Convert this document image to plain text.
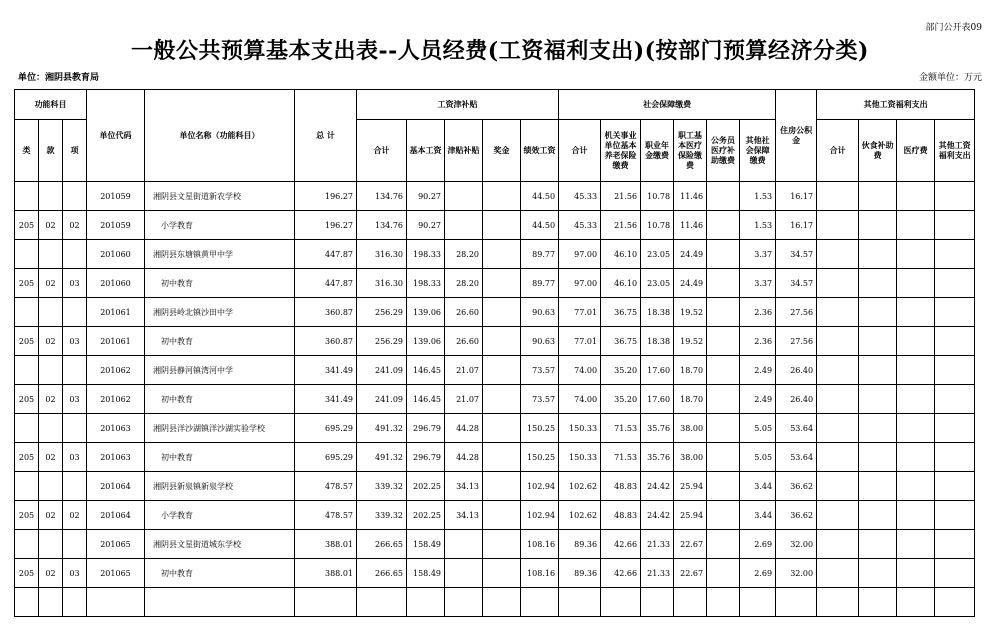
部门公开表09
一般公共预算基本支出表--人员经费(工资福利支出)(按部门预算经济分类)
单位：湘阴县教育局	金额单位：万元
功能科目			单位代码	单位名称（功能科目）	总 计	工资津补贴					社会保障缴费						住房公积金	其他工资福利支出			
类	款	项				合计	基本工资	津贴补贴	奖金	绩效工资	合计	机关事业单位基本养老保险缴费	职业年金缴费	职工基本医疗保险缴费	公务员医疗补助缴费	其他社会保障缴费		合计	伙食补助费	医疗费	其他工资福利支出
			201059	湘阴县文星街道新农学校	196.27	134.76	90.27			44.50	45.33	21.56	10.78	11.46		1.53	16.17				
205	02	02	201059	小学教育	196.27	134.76	90.27			44.50	45.33	21.56	10.78	11.46		1.53	16.17				
			201060	湘阴县东塘镇黄甲中学	447.87	316.30	198.33	28.20		89.77	97.00	46.10	23.05	24.49		3.37	34.57				
205	02	03	201060	初中教育	447.87	316.30	198.33	28.20		89.77	97.00	46.10	23.05	24.49		3.37	34.57				
			201061	湘阴县岭北镇沙田中学	360.87	256.29	139.06	26.60		90.63	77.01	36.75	18.38	19.52		2.36	27.56				
205	02	03	201061	初中教育	360.87	256.29	139.06	26.60		90.63	77.01	36.75	18.38	19.52		2.36	27.56				
			201062	湘阴县静河镇湾河中学	341.49	241.09	146.45	21.07		73.57	74.00	35.20	17.60	18.70		2.49	26.40				
205	02	03	201062	初中教育	341.49	241.09	146.45	21.07		73.57	74.00	35.20	17.60	18.70		2.49	26.40				
			201063	湘阴县洋沙湖镇洋沙湖实验学校	695.29	491.32	296.79	44.28		150.25	150.33	71.53	35.76	38.00		5.05	53.64				
205	02	03	201063	初中教育	695.29	491.32	296.79	44.28		150.25	150.33	71.53	35.76	38.00		5.05	53.64				
			201064	湘阴县新泉镇新泉学校	478.57	339.32	202.25	34.13		102.94	102.62	48.83	24.42	25.94		3.44	36.62				
205	02	02	201064	小学教育	478.57	339.32	202.25	34.13		102.94	102.62	48.83	24.42	25.94		3.44	36.62				
			201065	湘阴县文星街道城东学校	388.01	266.65	158.49			108.16	89.36	42.66	21.33	22.67		2.69	32.00				
205	02	03	201065	初中教育	388.01	266.65	158.49			108.16	89.36	42.66	21.33	22.67		2.69	32.00				
